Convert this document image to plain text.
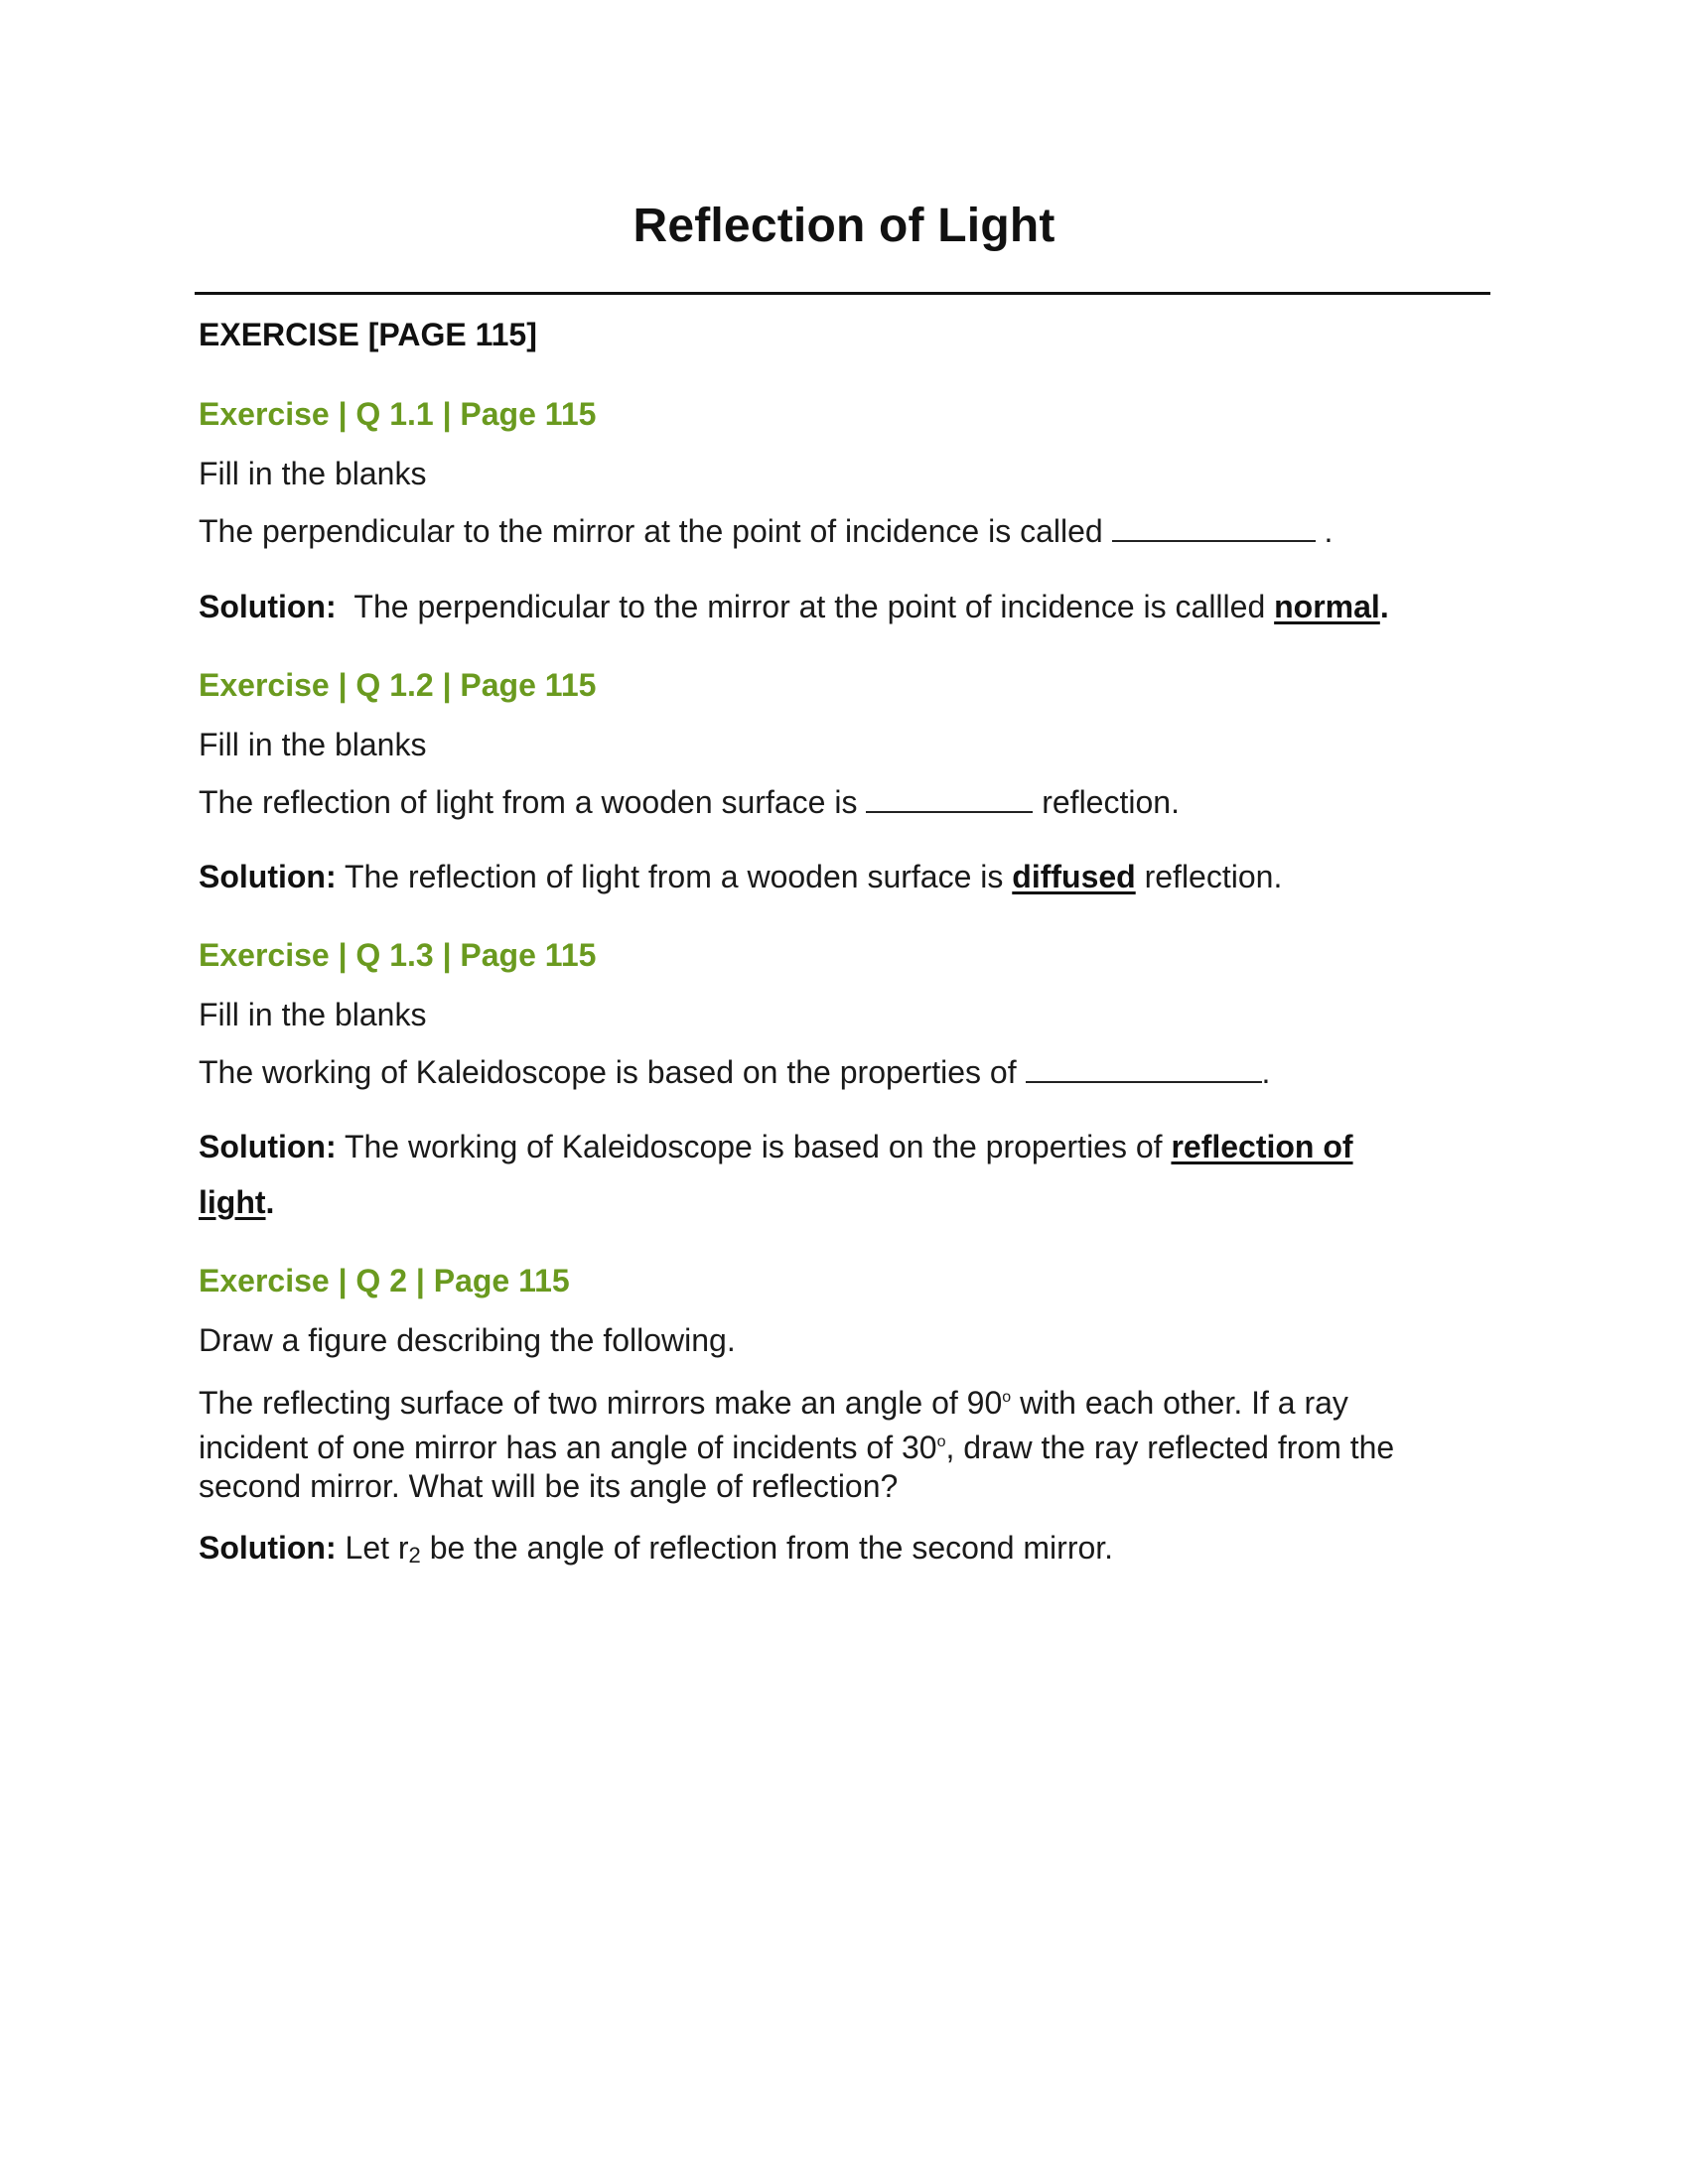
Reflection of Light

EXERCISE [PAGE 115]

Exercise | Q 1.1 | Page 115

Fill in the blanks

The perpendicular to the mirror at the point of incidence is called	.

Solution: The perpendicular to the mirror at the point of incidence is callled normal.

Exercise | Q 1.2 | Page 115

Fill in the blanks

The reflection of light from a wooden surface is	reflection.

Solution: The reflection of light from a wooden surface is diffused reflection.

Exercise | Q 1.3 | Page 115

Fill in the blanks

The working of Kaleidoscope is based on the properties of	.

Solution: The working of Kaleidoscope is based on the properties of reflection of light.

Exercise | Q 2 | Page 115

Draw a figure describing the following.

The reflecting surface of two mirrors make an angle of 90$^o$ with each other. If a ray incident of one mirror has an angle of incidents of 30$^o$, draw the ray reflected from the second mirror. What will be its angle of reflection?

Solution: Let $r_2$ be the angle of reflection from the second mirror.
